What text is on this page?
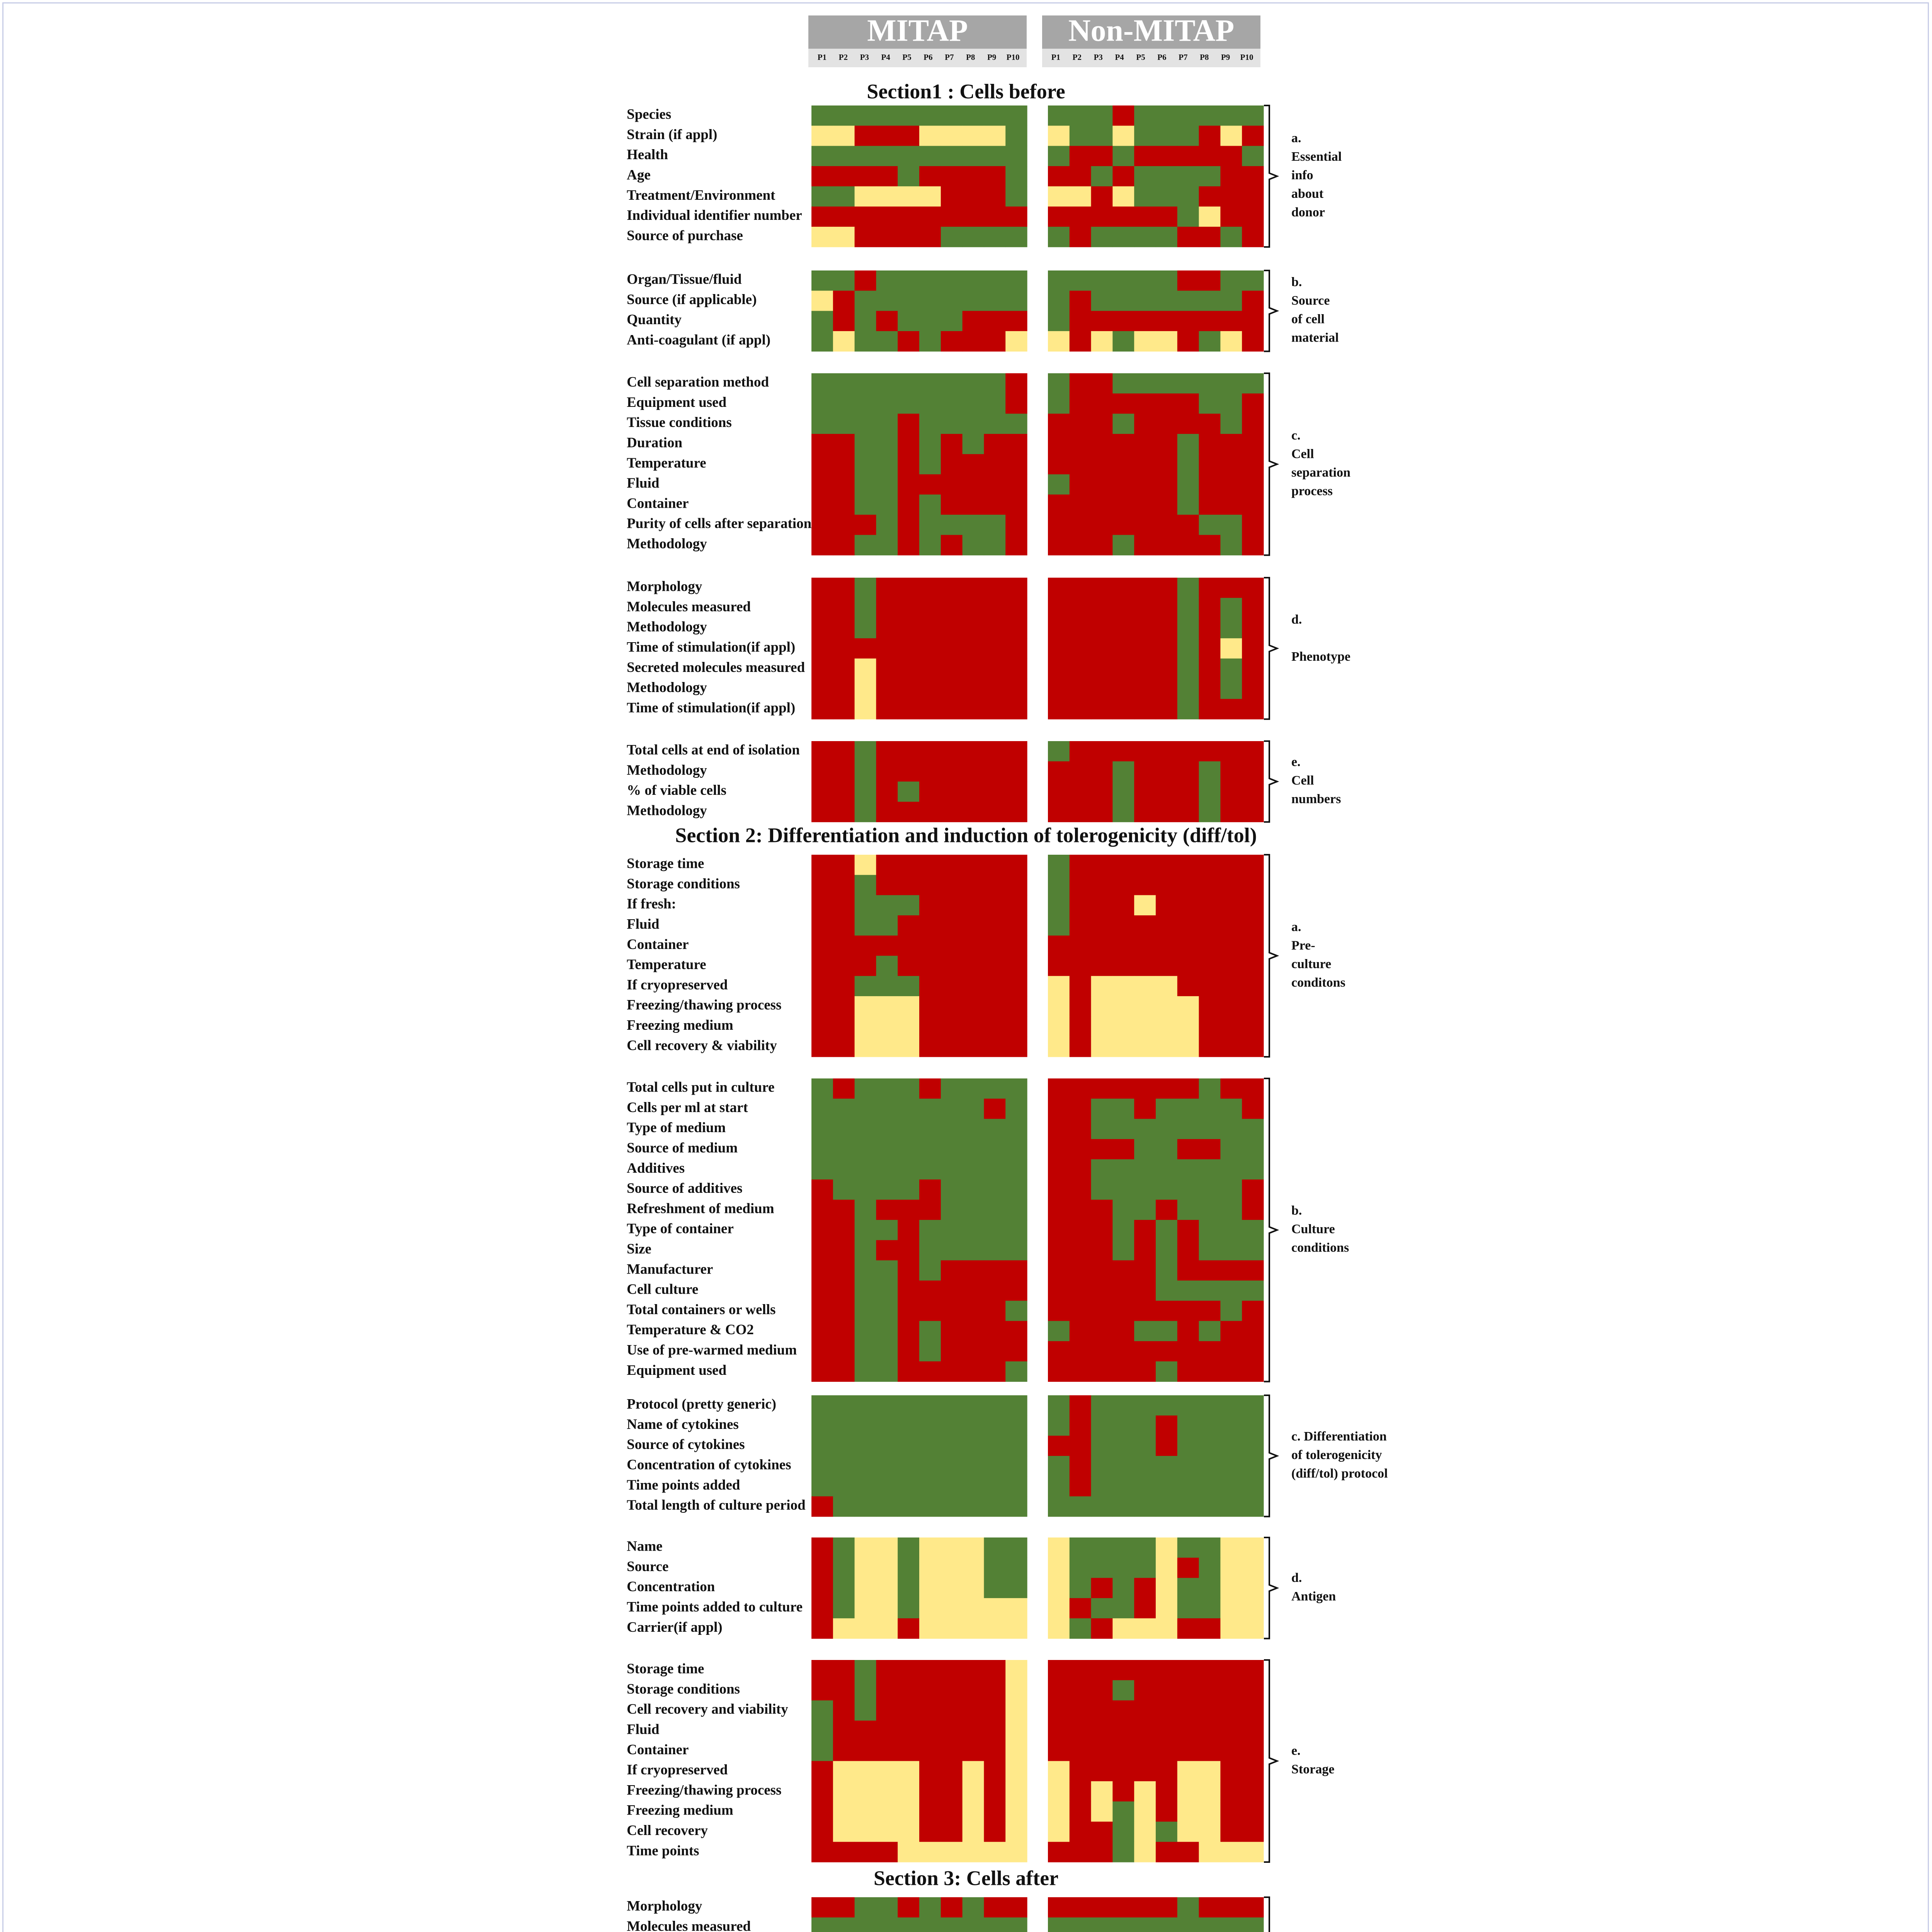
MITAP
P1 P2 P3 P4 P5 P6 P7 P8 P9 P10
Non-MITAP
P1 P2 P3 P4 P5 P6 P7 P8 P9 P10
Section1 : Cells before
Species
Strain (if appl)
Health
Age
Treatment/Environment
Individual identifier number
Source of purchase
a. Essential info about donor
Organ/Tissue/fluid
Source (if applicable)
Quantity
Anti-coagulant (if appl)
b. Source of cell material
Cell separation method
Equipment used
Tissue conditions
Duration
Temperature
Fluid
Container
Purity of cells after separation
Methodology
c. Cell separation process
Morphology
Molecules measured
Methodology
Time of stimulation(if appl)
Secreted molecules measured
Methodology
Time of stimulation(if appl)
d. Phenotype
Total cells at end of isolation
Methodology
% of viable cells
Methodology
e. Cell numbers
Section 2: Differentiation and induction of tolerogenicity (diff/tol)
Storage time
Storage conditions
If fresh:
Fluid
Container
Temperature
If cryopreserved
Freezing/thawing process
Freezing medium
Cell recovery & viability
a. Pre-culture conditons
Total cells put in culture
Cells per ml at start
Type of medium
Source of medium
Additives
Source of additives
Refreshment of medium
Type of container
Size
Manufacturer
Cell culture
Total containers or wells
Temperature & CO2
Use of pre-warmed medium
Equipment used
b. Culture conditions
Protocol (pretty generic)
Name of cytokines
Source of cytokines
Concentration of cytokines
Time points added
Total length of culture period
c. Differentiation of tolerogenicity (diff/tol) protocol
Name
Source
Concentration
Time points added to culture
Carrier(if appl)
d. Antigen
Storage time
Storage conditions
Cell recovery and viability
Fluid
Container
If cryopreserved
Freezing/thawing process
Freezing medium
Cell recovery
Time points
e. Storage
Section 3: Cells after
Morphology
Molecules measured
